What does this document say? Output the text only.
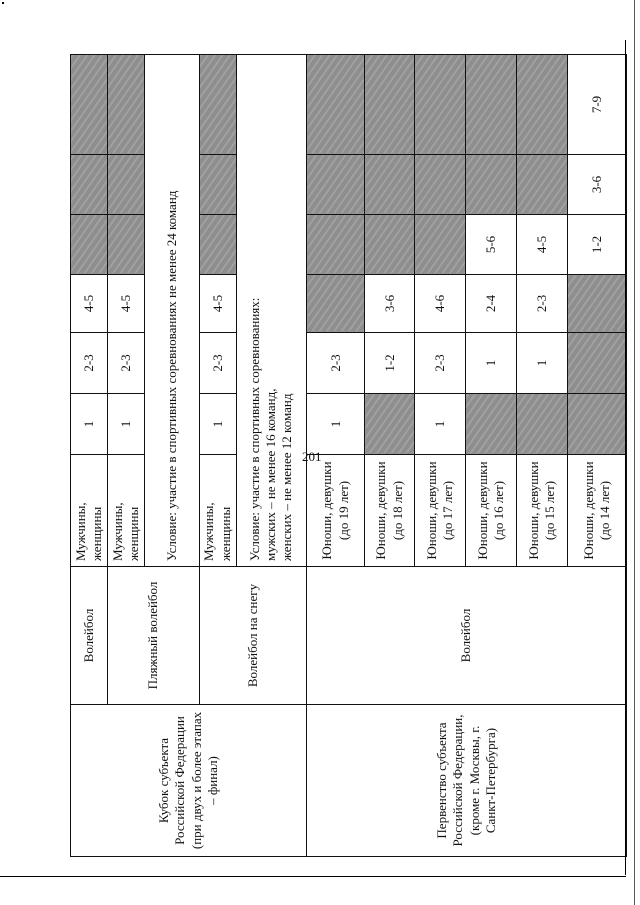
201
Кубок субъекта Российской Федерации (при двух и более этапах – финал)	Волейбол	Мужчины, женщины	1	2-3	4-5			
	Пляжный волейбол	Мужчины, женщины	1	2-3	4-5			
		Условие: участие в спортивных соревнованиях не менее 24 команд						
	Волейбол на снегу	Мужчины, женщины	1	2-3	4-5			

		Условие: участие в спортивных соревнованиях: мужских – не менее 16 команд, женских – не менее 12 команд						

Первенство субъекта Российской Федерации, (кроме г. Москвы, г. Санкт-Петербурга)	Волейбол	Юноши, девушки (до 19 лет)	1	2-3				
		Юноши, девушки (до 18 лет)		1-2	3-6			
		Юноши, девушки (до 17 лет)	1	2-3	4-6			
		Юноши, девушки (до 16 лет)		1	2-4	5-6		
		Юноши, девушки (до 15 лет)		1	2-3	4-5		
		Юноши, девушки (до 14 лет)				1-2	3-6	7-9
